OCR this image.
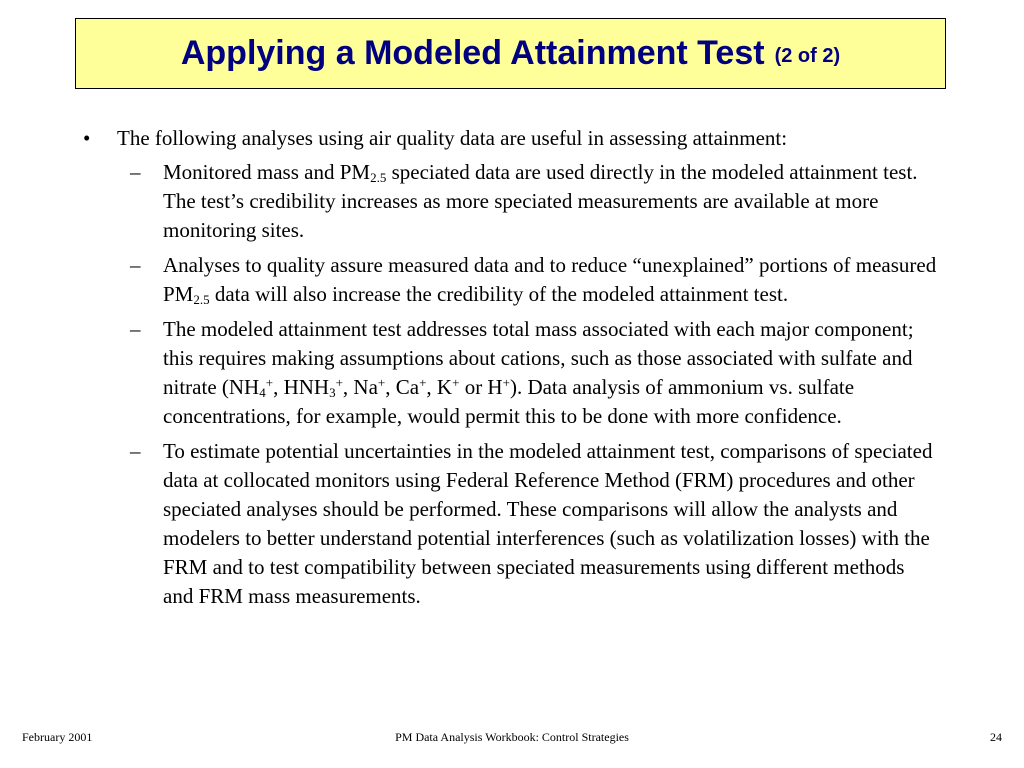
Applying a Modeled Attainment Test (2 of 2)
• The following analyses using air quality data are useful in assessing attainment:
– Monitored mass and $PM_{2.5}$ speciated data are used directly in the modeled attainment test. The test’s credibility increases as more speciated measurements are available at more monitoring sites.
– Analyses to quality assure measured data and to reduce “unexplained” portions of measured $PM_{2.5}$ data will also increase the credibility of the modeled attainment test.
– The modeled attainment test addresses total mass associated with each major component; this requires making assumptions about cations, such as those associated with sulfate and nitrate ($NH_4^+$, $HNH_3^+$, Na+, Ca+, K+ or H+). Data analysis of ammonium vs. sulfate concentrations, for example, would permit this to be done with more confidence.
– To estimate potential uncertainties in the modeled attainment test, comparisons of speciated data at collocated monitors using Federal Reference Method (FRM) procedures and other speciated analyses should be performed. These comparisons will allow the analysts and modelers to better understand potential interferences (such as volatilization losses) with the FRM and to test compatibility between speciated measurements using different methods and FRM mass measurements.
February 2001	PM Data Analysis Workbook: Control Strategies	24
